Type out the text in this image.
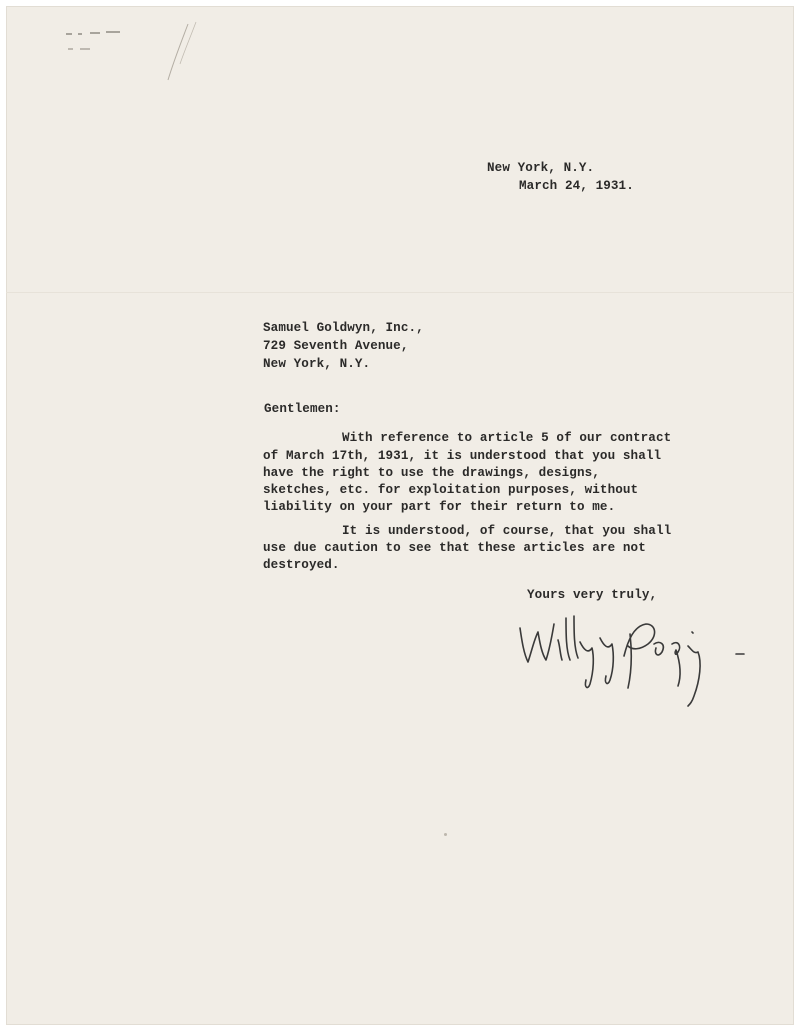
New York, N.Y.
March 24, 1931.
Samuel Goldwyn, Inc.,
729 Seventh Avenue,
New York, N.Y.
Gentlemen:
With reference to article 5 of our contract
of March 17th, 1931, it is understood that you shall
have the right to use the drawings, designs,
sketches, etc. for exploitation purposes, without
liability on your part for their return to me.
It is understood, of course, that you shall
use due caution to see that these articles are not
destroyed.
Yours very truly,
